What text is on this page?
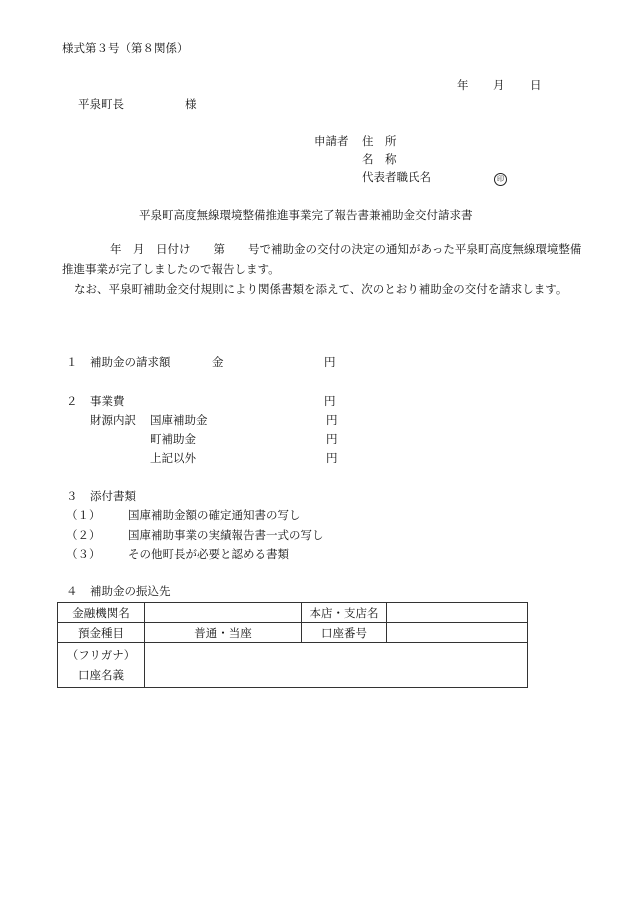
様式第３号（第８関係）
年 月 日
平泉町長	様
申請者 住　所
名　称
代表者職氏名	印
平泉町高度無線環境整備推進事業完了報告書兼補助金交付請求書
年　月　日付け　　第　　号で補助金の交付の決定の通知があった平泉町高度無線環境整備推進事業が完了しましたので報告します。
なお、平泉町補助金交付規則により関係書類を添えて、次のとおり補助金の交付を請求します。
１ 補助金の請求額	金	円
２ 事業費	円
財源内訳 国庫補助金	円
町補助金	円
上記以外	円
３ 添付書類
（１） 国庫補助金額の確定通知書の写し
（２） 国庫補助事業の実績報告書一式の写し
（３） その他町長が必要と認める書類
４ 補助金の振込先
金融機関名		本店・支店名	
預金種目	普通・当座	口座番号	

（フリガナ）
口座名義			
